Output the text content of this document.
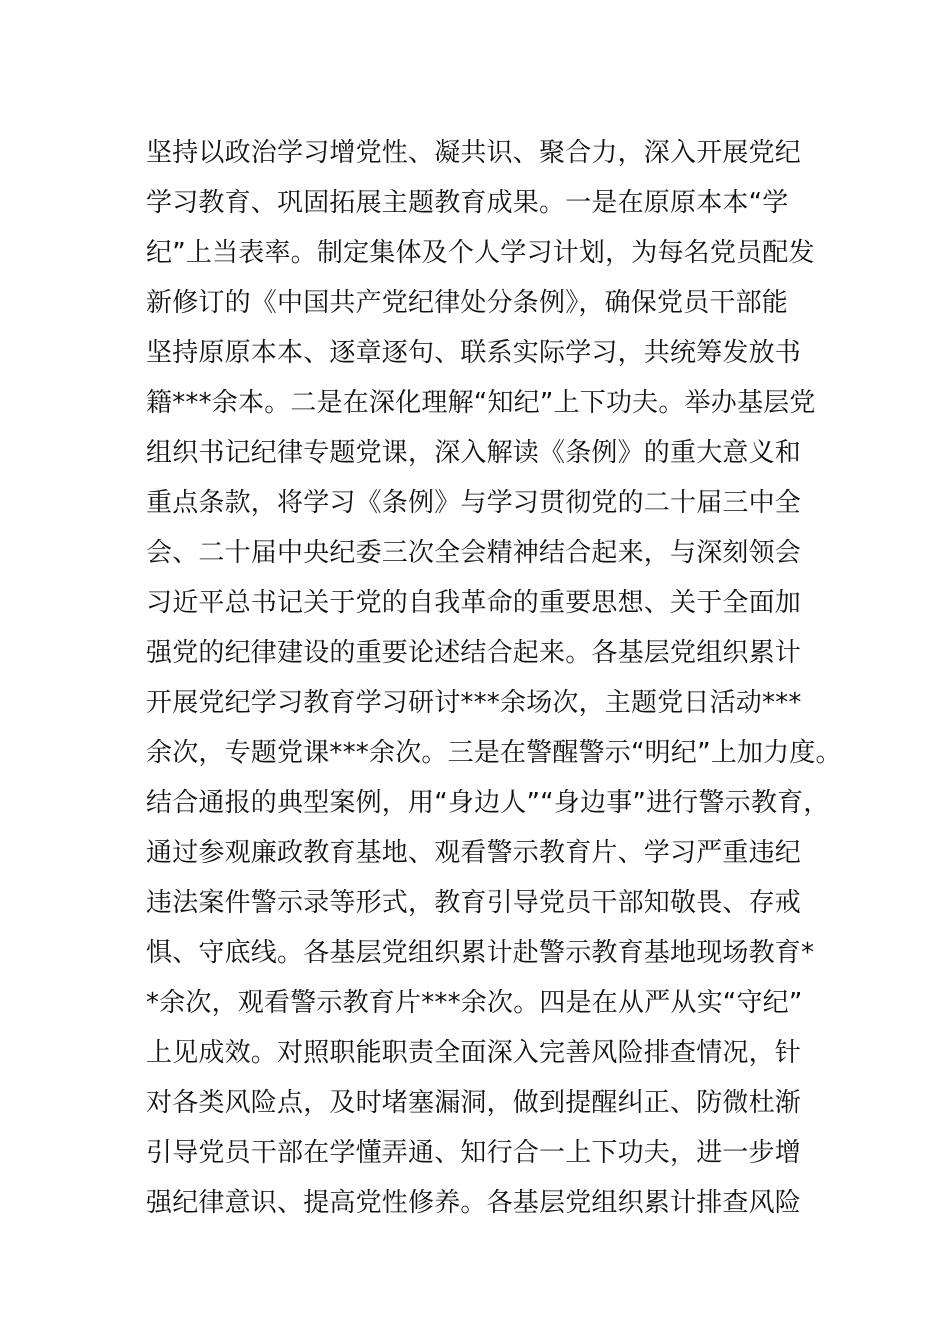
坚持以政治学习增党性、凝共识、聚合力，深入开展党纪
学习教育、巩固拓展主题教育成果。一是在原原本本“学
纪”上当表率。制定集体及个人学习计划，为每名党员配发
新修订的《中国共产党纪律处分条例》，确保党员干部能
坚持原原本本、逐章逐句、联系实际学习，共统筹发放书
籍***余本。二是在深化理解“知纪”上下功夫。举办基层党
组织书记纪律专题党课，深入解读《条例》的重大意义和
重点条款，将学习《条例》与学习贯彻党的二十届三中全
会、二十届中央纪委三次全会精神结合起来，与深刻领会
习近平总书记关于党的自我革命的重要思想、关于全面加
强党的纪律建设的重要论述结合起来。各基层党组织累计
开展党纪学习教育学习研讨***余场次，主题党日活动***
余次，专题党课***余次。三是在警醒警示“明纪”上加力度。
结合通报的典型案例，用“身边人”“身边事”进行警示教育，
通过参观廉政教育基地、观看警示教育片、学习严重违纪
违法案件警示录等形式，教育引导党员干部知敬畏、存戒
惧、守底线。各基层党组织累计赴警示教育基地现场教育*
*余次，观看警示教育片***余次。四是在从严从实“守纪”
上见成效。对照职能职责全面深入完善风险排查情况，针
对各类风险点，及时堵塞漏洞，做到提醒纠正、防微杜渐
引导党员干部在学懂弄通、知行合一上下功夫，进一步增
强纪律意识、提高党性修养。各基层党组织累计排查风险
